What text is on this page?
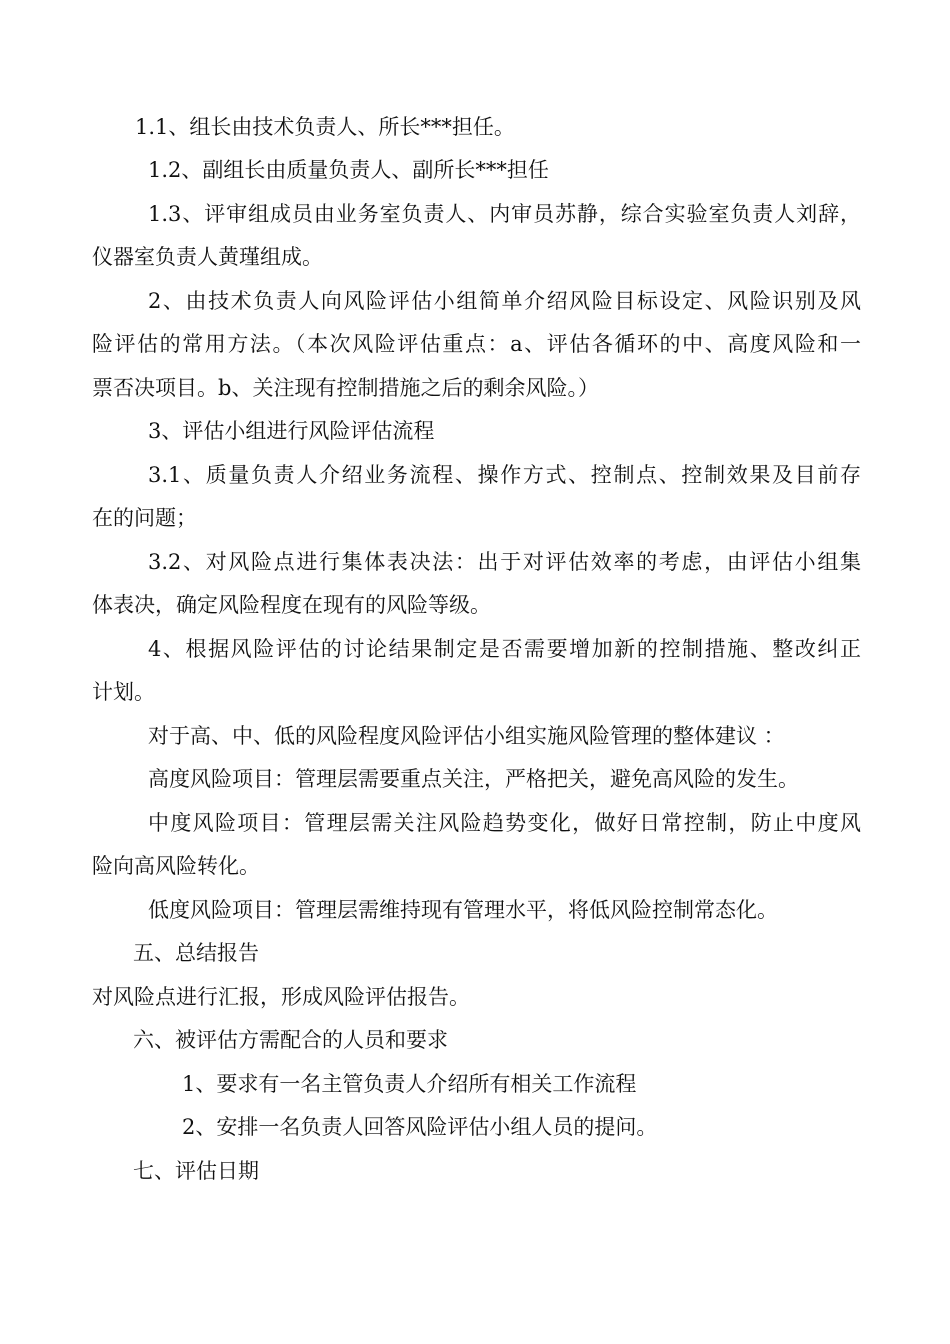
1.1、组长由技术负责人、所长***担任。
1.2、副组长由质量负责人、副所长***担任
1.3、评审组成员由业务室负责人、内审员苏静，综合实验室负责人刘辞，
仪器室负责人黄瑾组成。
2、由技术负责人向风险评估小组简单介绍风险目标设定、风险识别及风
险评估的常用方法。（本次风险评估重点：a、评估各循环的中、高度风险和一
票否决项目。b、关注现有控制措施之后的剩余风险。）
3、评估小组进行风险评估流程
3.1、质量负责人介绍业务流程、操作方式、控制点、控制效果及目前存
在的问题；
3.2、对风险点进行集体表决法：出于对评估效率的考虑，由评估小组集
体表决，确定风险程度在现有的风险等级。
4、根据风险评估的讨论结果制定是否需要增加新的控制措施、整改纠正
计划。
对于高、中、低的风险程度风险评估小组实施风险管理的整体建议 ：
高度风险项目：管理层需要重点关注，严格把关，避免高风险的发生。
中度风险项目：管理层需关注风险趋势变化，做好日常控制，防止中度风
险向高风险转化。
低度风险项目：管理层需维持现有管理水平，将低风险控制常态化。
五、总结报告
对风险点进行汇报，形成风险评估报告。
六、被评估方需配合的人员和要求
1、要求有一名主管负责人介绍所有相关工作流程
2、安排一名负责人回答风险评估小组人员的提问。
七、评估日期
